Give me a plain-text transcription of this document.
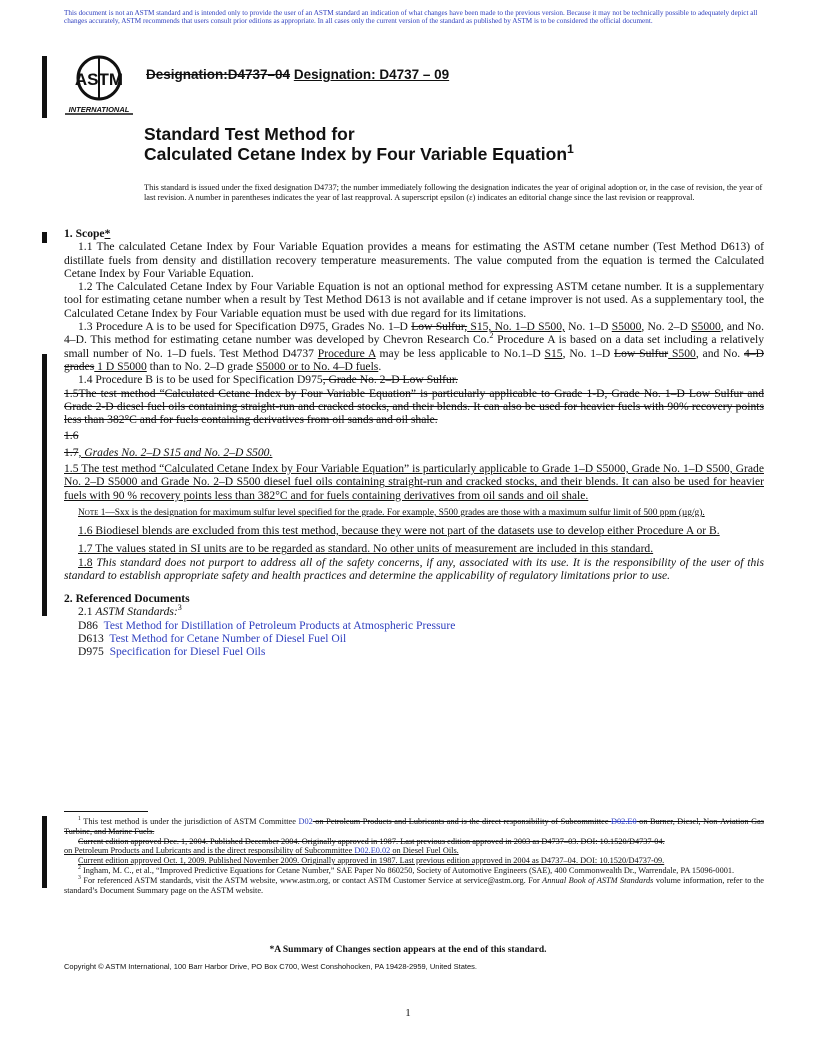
This document is not an ASTM standard and is intended only to provide the user of an ASTM standard an indication of what changes have been made to the previous version. Because it may not be technically possible to adequately depict all changes accurately, ASTM recommends that users consult prior editions as appropriate. In all cases only the current version of the standard as published by ASTM is to be considered the official document.
ASTM
INTERNATIONAL
Designation:D4737–04 Designation: D4737 – 09
Standard Test Method for
Calculated Cetane Index by Four Variable Equation$^1$
This standard is issued under the fixed designation D4737; the number immediately following the designation indicates the year of original adoption or, in the case of revision, the year of last revision. A number in parentheses indicates the year of last reapproval. A superscript epsilon (ε) indicates an editorial change since the last revision or reapproval.

1. Scope*

1.1 The calculated Cetane Index by Four Variable Equation provides a means for estimating the ASTM cetane number (Test Method D613) of distillate fuels from density and distillation recovery temperature measurements. The value computed from the equation is termed the Calculated Cetane Index by Four Variable Equation.

1.2 The Calculated Cetane Index by Four Variable Equation is not an optional method for expressing ASTM cetane number. It is a supplementary tool for estimating cetane number when a result by Test Method D613 is not available and if cetane improver is not used. As a supplementary tool, the Calculated Cetane Index by Four Variable equation must be used with due regard for its limitations.

1.3 Procedure A is to be used for Specification D975, Grades No. 1–D Low Sulfur, S15, No. 1–D S500, No. 1–D S5000, No. 2–D S5000, and No. 4–D. This method for estimating cetane number was developed by Chevron Research Co.$^2$ Procedure A is based on a data set including a relatively small number of No. 1–D fuels. Test Method D4737 Procedure A may be less applicable to No.1–D S15, No. 1–D Low Sulfur S500, and No. 4–D grades 1 D S5000 than to No. 2–D grade S5000 or to No. 4–D fuels.

1.4 Procedure B is to be used for Specification D975, Grade No. 2–D Low Sulfur.

1.5The test method “Calculated Cetane Index by Four Variable Equation” is particularly applicable to Grade 1-D, Grade No. 1–D Low Sulfur and Grade 2-D diesel fuel oils containing straight-run and cracked stocks, and their blends. It can also be used for heavier fuels with 90% recovery points less than 382°C and for fuels containing derivatives from oil sands and oil shale.

1.6

1.7, Grades No. 2–D S15 and No. 2–D S500.

1.5 The test method “Calculated Cetane Index by Four Variable Equation” is particularly applicable to Grade 1–D S5000, Grade No. 1–D S500, Grade No. 2–D S5000 and Grade No. 2–D S500 diesel fuel oils containing straight-run and cracked stocks, and their blends. It can also be used for heavier fuels with 90 % recovery points less than 382°C and for fuels containing derivatives from oil sands and oil shale.

Note 1—Sxx is the designation for maximum sulfur level specified for the grade. For example, S500 grades are those with a maximum sulfur limit of 500 ppm (µg/g).

1.6 Biodiesel blends are excluded from this test method, because they were not part of the datasets use to develop either Procedure A or B.

1.7 The values stated in SI units are to be regarded as standard. No other units of measurement are included in this standard.

1.8 This standard does not purport to address all of the safety concerns, if any, associated with its use. It is the responsibility of the user of this standard to establish appropriate safety and health practices and determine the applicability of regulatory limitations prior to use.

2. Referenced Documents

2.1 ASTM Standards:$^3$

D86 Test Method for Distillation of Petroleum Products at Atmospheric Pressure
D613 Test Method for Cetane Number of Diesel Fuel Oil
D975 Specification for Diesel Fuel Oils

$^1$ This test method is under the jurisdiction of ASTM Committee D02 on Petroleum Products and Lubricants and is the direct responsibility of Subcommittee D02.E0 on Burner, Diesel, Non-Aviation Gas Turbine, and Marine Fuels.

Current edition approved Dec. 1, 2004. Published December 2004. Originally approved in 1987. Last previous edition approved in 2003 as D4737–03. DOI: 10.1520/D4737-04.

on Petroleum Products and Lubricants and is the direct responsibility of Subcommittee D02.E0.02 on Diesel Fuel Oils.

Current edition approved Oct. 1, 2009. Published November 2009. Originally approved in 1987. Last previous edition approved in 2004 as D4737–04. DOI: 10.1520/D4737-09.

$^2$ Ingham, M. C., et al., “Improved Predictive Equations for Cetane Number,” SAE Paper No 860250, Society of Automotive Engineers (SAE), 400 Commonwealth Dr., Warrendale, PA 15096-0001.

$^3$ For referenced ASTM standards, visit the ASTM website, www.astm.org, or contact ASTM Customer Service at service@astm.org. For Annual Book of ASTM Standards volume information, refer to the standard’s Document Summary page on the ASTM website.

*A Summary of Changes section appears at the end of this standard.
Copyright © ASTM International, 100 Barr Harbor Drive, PO Box C700, West Conshohocken, PA 19428-2959, United States.
1
